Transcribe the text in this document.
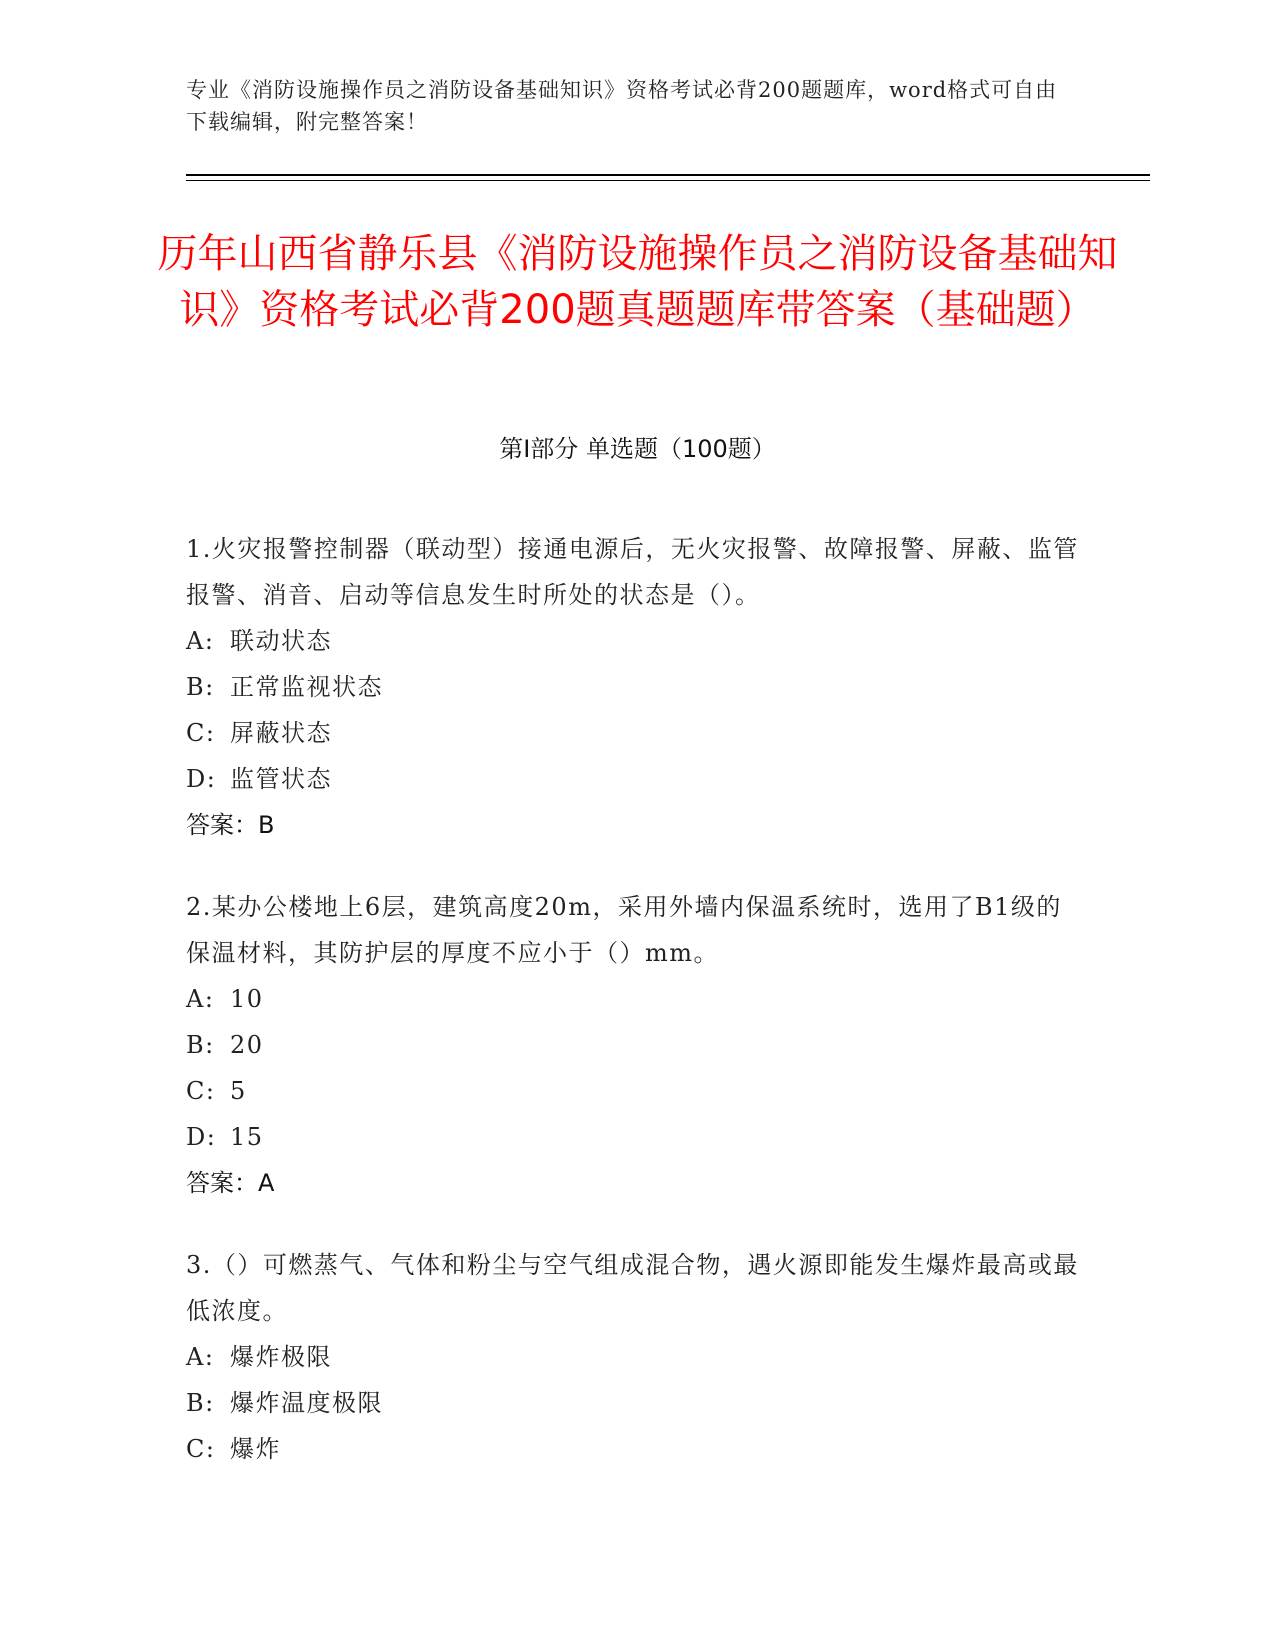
专业《消防设施操作员之消防设备基础知识》资格考试必背200题题库，word格式可自由下载编辑，附完整答案！
历年山西省静乐县《消防设施操作员之消防设备基础知识》资格考试必背200题真题题库带答案（基础题）
第Ⅰ部分 单选题（100题）

1.火灾报警控制器（联动型）接通电源后，无火灾报警、故障报警、屏蔽、监管报警、消音、启动等信息发生时所处的状态是（）。

A: 联动状态

B: 正常监视状态

C: 屏蔽状态

D: 监管状态

答案：B

2.某办公楼地上6层，建筑高度20m，采用外墙内保温系统时，选用了B1级的保温材料，其防护层的厚度不应小于（）mm。

A: 10

B: 20

C: 5

D: 15

答案：A

3.（）可燃蒸气、气体和粉尘与空气组成混合物，遇火源即能发生爆炸最高或最低浓度。

A: 爆炸极限

B: 爆炸温度极限

C: 爆炸
